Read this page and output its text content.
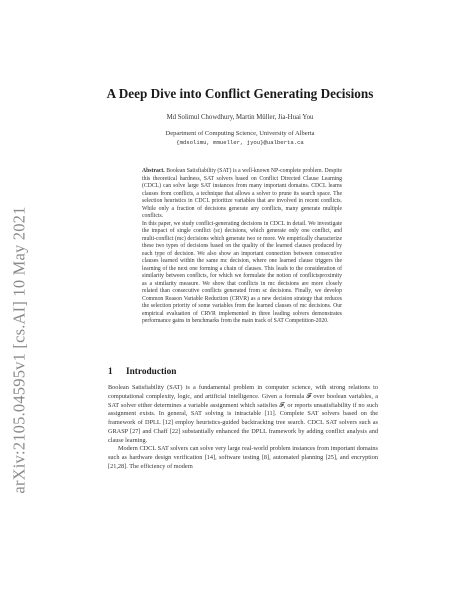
arXiv:2105.04595v1 [cs.AI] 10 May 2021
A Deep Dive into Conflict Generating Decisions
Md Solimul Chowdhury, Martin Müller, Jia-Huai You
Department of Computing Science, University of Alberta
{mdsolimu, mmueller, jyou}@ualberta.ca

Abstract. Boolean Satisfiability (SAT) is a well-known NP-complete problem. Despite this theoretical hardness, SAT solvers based on Conflict Directed Clause Learning (CDCL) can solve large SAT instances from many important domains. CDCL learns clauses from conflicts, a technique that allows a solver to prune its search space. The selection heuristics in CDCL prioritize variables that are involved in recent conflicts. While only a fraction of decisions generate any conflicts, many generate multiple conflicts.

In this paper, we study conflict-generating decisions in CDCL in detail. We investigate the impact of single conflict (sc) decisions, which generate only one conflict, and multi-conflict (mc) decisions which generate two or more. We empirically characterize these two types of decisions based on the quality of the learned clauses produced by each type of decision. We also show an important connection between consecutive clauses learned within the same mc decision, where one learned clause triggers the learning of the next one forming a chain of clauses. This leads to the consideration of similarity between conflicts, for which we formulate the notion of conflictsproximity as a similarity measure. We show that conflicts in mc decisions are more closely related than consecutive conflicts generated from sc decisions. Finally, we develop Common Reason Variable Reduction (CRVR) as a new decision strategy that reduces the selection priority of some variables from the learned clauses of mc decisions. Our empirical evaluation of CRVR implemented in three leading solvers demonstrates performance gains in benchmarks from the main track of SAT Competition-2020.

1 Introduction

Boolean Satisfiability (SAT) is a fundamental problem in computer science, with strong relations to computational complexity, logic, and artificial intelligence. Given a formula 𝓕 over boolean variables, a SAT solver either determines a variable assignment which satisfies 𝓕, or reports unsatisfiability if no such assignment exists. In general, SAT solving is intractable [11]. Complete SAT solvers based on the framework of DPLL [12] employ heuristics-guided backtracking tree search. CDCL SAT solvers such as GRASP [27] and Chaff [22] substantially enhanced the DPLL framework by adding conflict analysis and clause learning.

Modern CDCL SAT solvers can solve very large real-world problem instances from important domains such as hardware design verification [14], software testing [8], automated planning [25], and encryption [21,28]. The efficiency of modern
